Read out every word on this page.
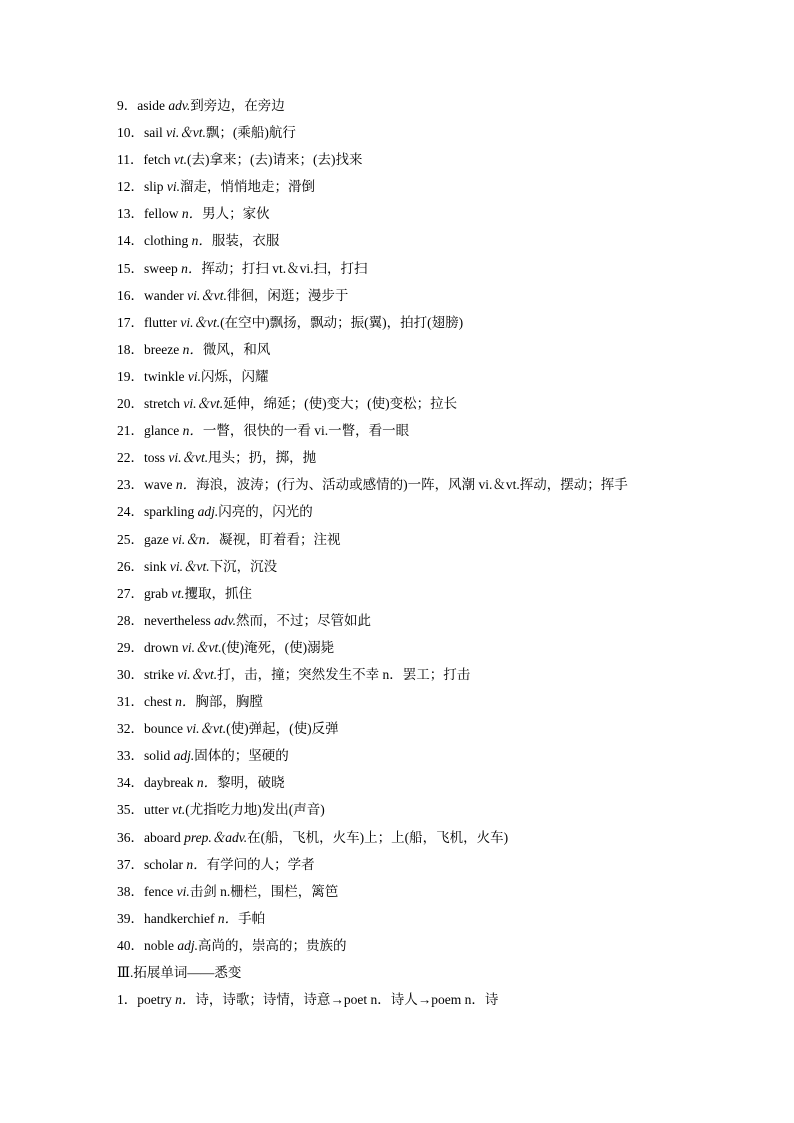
9．aside adv.到旁边，在旁边
10．sail vi.＆vt.飘；(乘船)航行
11．fetch vt.(去)拿来；(去)请来；(去)找来
12．slip vi.溜走，悄悄地走；滑倒
13．fellow n．男人；家伙
14．clothing n．服装，衣服
15．sweep n．挥动；打扫 vt.＆vi.扫，打扫
16．wander vi.＆vt.徘徊，闲逛；漫步于
17．flutter vi.＆vt.(在空中)飘扬，飘动；振(翼)，拍打(翅膀)
18．breeze n．微风，和风
19．twinkle vi.闪烁，闪耀
20．stretch vi.＆vt.延伸，绵延；(使)变大；(使)变松；拉长
21．glance n．一瞥，很快的一看 vi.一瞥，看一眼
22．toss vi.＆vt.甩头；扔，掷，抛
23．wave n．海浪，波涛；(行为、活动或感情的)一阵，风潮 vi.＆vt.挥动，摆动；挥手
24．sparkling adj.闪亮的，闪光的
25．gaze vi.＆n．凝视，盯着看；注视
26．sink vi.＆vt.下沉，沉没
27．grab vt.攫取，抓住
28．nevertheless adv.然而，不过；尽管如此
29．drown vi.＆vt.(使)淹死，(使)溺毙
30．strike vi.＆vt.打，击，撞；突然发生不幸 n．罢工；打击
31．chest n．胸部，胸膛
32．bounce vi.＆vt.(使)弹起，(使)反弹
33．solid adj.固体的；坚硬的
34．daybreak n．黎明，破晓
35．utter vt.(尤指吃力地)发出(声音)
36．aboard prep.＆adv.在(船，飞机，火车)上；上(船，飞机，火车)
37．scholar n．有学问的人；学者
38．fence vi.击剑 n.栅栏，围栏，篱笆
39．handkerchief n．手帕
40．noble adj.高尚的，崇高的；贵族的
Ⅲ.拓展单词——悉变
1．poetry n．诗，诗歌；诗情，诗意→poet n．诗人→poem n．诗
